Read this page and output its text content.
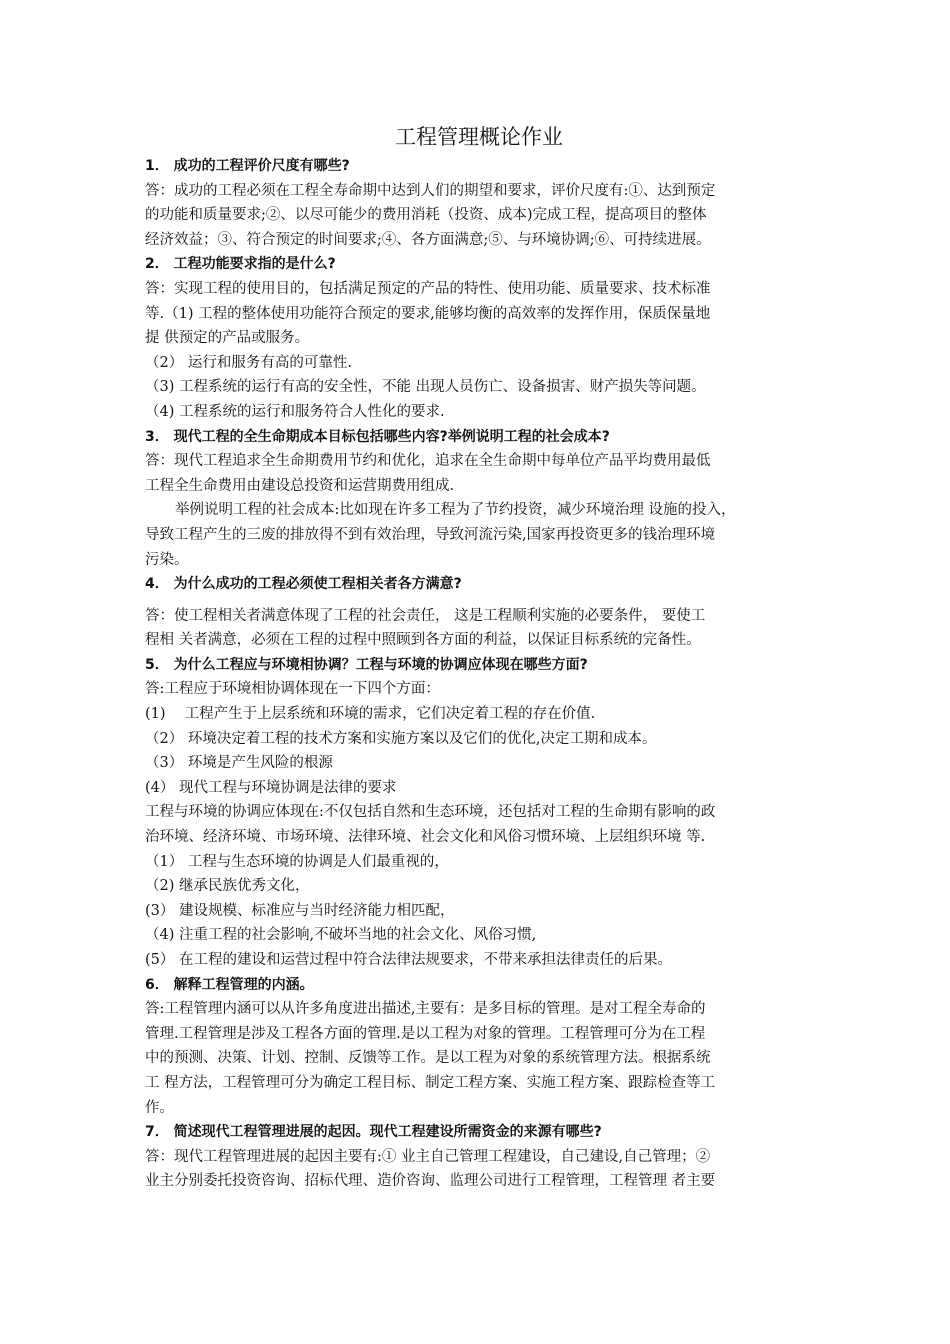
工程管理概论作业

1． 成功的工程评价尺度有哪些?

答：成功的工程必须在工程全寿命期中达到人们的期望和要求，评价尺度有:①、达到预定

的功能和质量要求;②、以尽可能少的费用消耗（投资、成本)完成工程，提高项目的整体

经济效益；③、符合预定的时间要求;④、各方面满意;⑤、与环境协调;⑥、可持续进展。

2． 工程功能要求指的是什么?

答：实现工程的使用目的，包括满足预定的产品的特性、使用功能、质量要求、技术标准

等.（1) 工程的整体使用功能符合预定的要求,能够均衡的高效率的发挥作用，保质保量地

提 供预定的产品或服务。

（2） 运行和服务有高的可靠性.

（3) 工程系统的运行有高的安全性，不能 出现人员伤亡、设备损害、财产损失等问题。

（4) 工程系统的运行和服务符合人性化的要求.

3． 现代工程的全生命期成本目标包括哪些内容?举例说明工程的社会成本?

答：现代工程追求全生命期费用节约和优化，追求在全生命期中每单位产品平均费用最低

工程全生命费用由建设总投资和运营期费用组成.

举例说明工程的社会成本:比如现在许多工程为了节约投资，减少环境治理 设施的投入，

导致工程产生的三废的排放得不到有效治理，导致河流污染,国家再投资更多的钱治理环境

污染。

4． 为什么成功的工程必须使工程相关者各方满意?

答：使工程相关者满意体现了工程的社会责任， 这是工程顺利实施的必要条件， 要使工

程相 关者满意，必须在工程的过程中照顾到各方面的利益，以保证目标系统的完备性。

5． 为什么工程应与环境相协调？工程与环境的协调应体现在哪些方面?

答:工程应于环境相协调体现在一下四个方面：

(1)　 工程产生于上层系统和环境的需求，它们决定着工程的存在价值.

（2） 环境决定着工程的技术方案和实施方案以及它们的优化,决定工期和成本。

（3） 环境是产生风险的根源

(4） 现代工程与环境协调是法律的要求

工程与环境的协调应体现在:不仅包括自然和生态环境，还包括对工程的生命期有影响的政

治环境、经济环境、市场环境、法律环境、社会文化和风俗习惯环境、上层组织环境 等.

（1） 工程与生态环境的协调是人们最重视的，

（2) 继承民族优秀文化，

(3） 建设规模、标准应与当时经济能力相匹配，

（4) 注重工程的社会影响,不破坏当地的社会文化、风俗习惯,

(5） 在工程的建设和运营过程中符合法律法规要求，不带来承担法律责任的后果。

6． 解释工程管理的内涵。

答:工程管理内涵可以从许多角度进出描述,主要有：是多目标的管理。是对工程全寿命的

管理.工程管理是涉及工程各方面的管理.是以工程为对象的管理。工程管理可分为在工程

中的预测、决策、计划、控制、反馈等工作。是以工程为对象的系统管理方法。根据系统

工 程方法，工程管理可分为确定工程目标、制定工程方案、实施工程方案、跟踪检查等工

作。

7． 简述现代工程管理进展的起因。现代工程建设所需资金的来源有哪些?

答：现代工程管理进展的起因主要有:① 业主自己管理工程建设，自己建设,自己管理；②

业主分别委托投资咨询、招标代理、造价咨询、监理公司进行工程管理，工程管理 者主要
